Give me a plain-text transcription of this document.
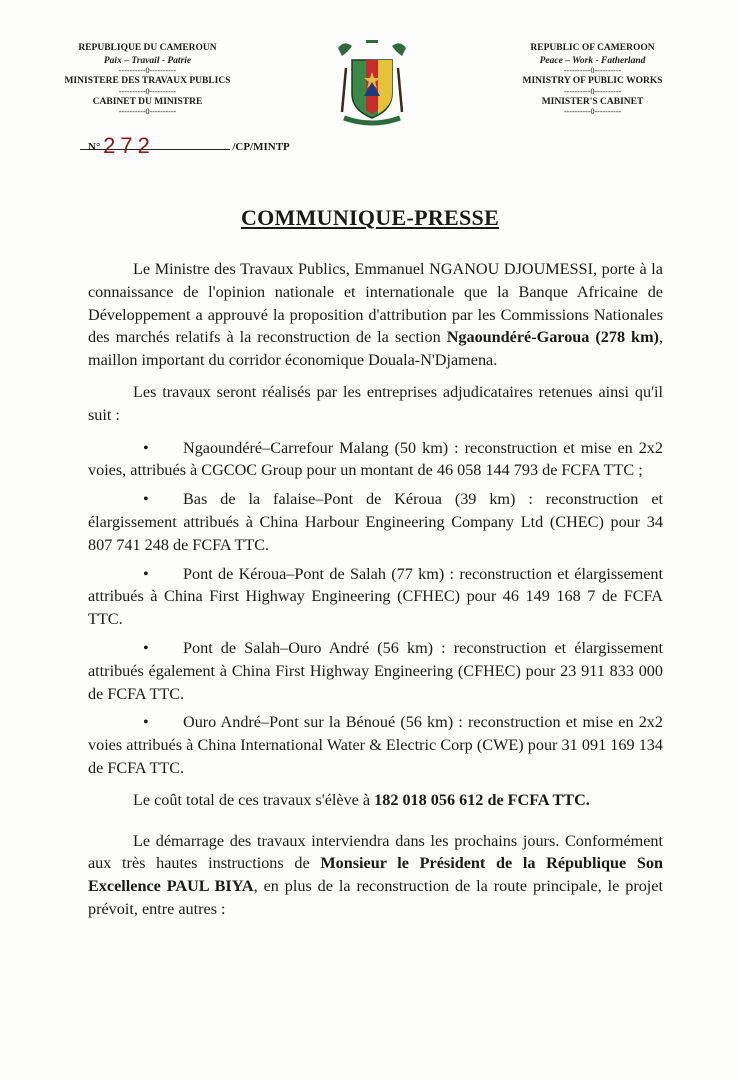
REPUBLIQUE DU CAMEROUN
Paix – Travail - Patrie
----------0----------
MINISTERE DES TRAVAUX PUBLICS
----------0----------
CABINET DU MINISTRE
----------0----------
REPUBLIC OF CAMEROON
Peace – Work - Fatherland
----------0----------
MINISTRY OF PUBLIC WORKS
----------0----------
MINISTER'S CABINET
----------0----------
N° 272	/CP/MINTP
COMMUNIQUE-PRESSE

Le Ministre des Travaux Publics, Emmanuel NGANOU DJOUMESSI, porte à la connaissance de l'opinion nationale et internationale que la Banque Africaine de Développement a approuvé la proposition d'attribution par les Commissions Nationales des marchés relatifs à la reconstruction de la section Ngaoundéré-Garoua (278 km), maillon important du corridor économique Douala-N'Djamena.

Les travaux seront réalisés par les entreprises adjudicataires retenues ainsi qu'il suit :

• Ngaoundéré–Carrefour Malang (50 km) : reconstruction et mise en 2x2 voies, attribués à CGCOC Group pour un montant de 46 058 144 793 de FCFA TTC ;

• Bas de la falaise–Pont de Kéroua (39 km) : reconstruction et élargissement attribués à China Harbour Engineering Company Ltd (CHEC) pour 34 807 741 248 de FCFA TTC.

• Pont de Kéroua–Pont de Salah (77 km) : reconstruction et élargissement attribués à China First Highway Engineering (CFHEC) pour 46 149 168 7 de FCFA TTC.

• Pont de Salah–Ouro André (56 km) : reconstruction et élargissement attribués également à China First Highway Engineering (CFHEC) pour 23 911 833 000 de FCFA TTC.

• Ouro André–Pont sur la Bénoué (56 km) : reconstruction et mise en 2x2 voies attribués à China International Water & Electric Corp (CWE) pour 31 091 169 134 de FCFA TTC.

Le coût total de ces travaux s'élève à 182 018 056 612 de FCFA TTC.

Le démarrage des travaux interviendra dans les prochains jours. Conformément aux très hautes instructions de Monsieur le Président de la République Son Excellence PAUL BIYA, en plus de la reconstruction de la route principale, le projet prévoit, entre autres :
